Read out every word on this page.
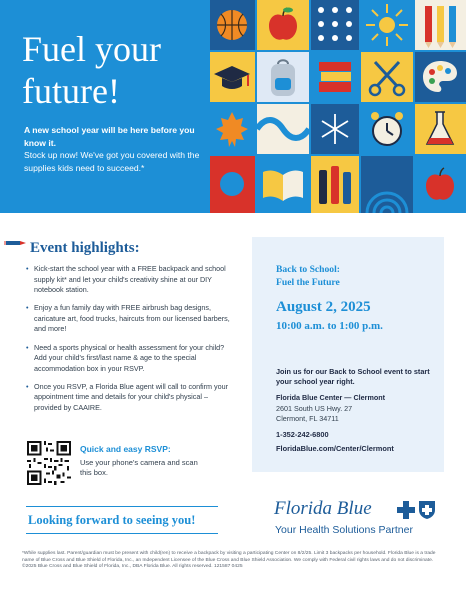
Fuel your future!
A new school year will be here before you know it.
Stock up now! We've got you covered with the supplies kids need to succeed.*
Event highlights:
• Kick-start the school year with a FREE backpack and school supply kit* and let your child's creativity shine at our DIY notebook station.
• Enjoy a fun family day with FREE airbrush bag designs, caricature art, food trucks, haircuts from our licensed barbers, and more!
• Need a sports physical or health assessment for your child? Add your child's first/last name & age to the special accommodation box in your RSVP.
• Once you RSVP, a Florida Blue agent will call to confirm your appointment time and details for your child's physical – provided by CAAIRE.
Quick and easy RSVP:
Use your phone's camera and scan this box.
Looking forward to seeing you!
Back to School:
Fuel the Future
August 2, 2025
10:00 a.m. to 1:00 p.m.
Join us for our Back to School event to start your school year right.
Florida Blue Center — Clermont
2601 South US Hwy. 27
Clermont, FL 34711
1-352-242-6800
FloridaBlue.com/Center/Clermont
Florida Blue
Your Health Solutions Partner
*While supplies last. Parent/guardian must be present with child(ren) to receive a backpack by visiting a participating Center on 8/2/25. Limit 3 backpacks per household. Florida Blue is a trade name of Blue Cross and Blue Shield of Florida, Inc., an Independent Licensee of the Blue Cross and Blue Shield Association. We comply with Federal civil rights laws and do not discriminate. ©2025 Blue Cross and Blue Shield of Florida, Inc., DBA Florida Blue. All rights reserved. 121587 0425
